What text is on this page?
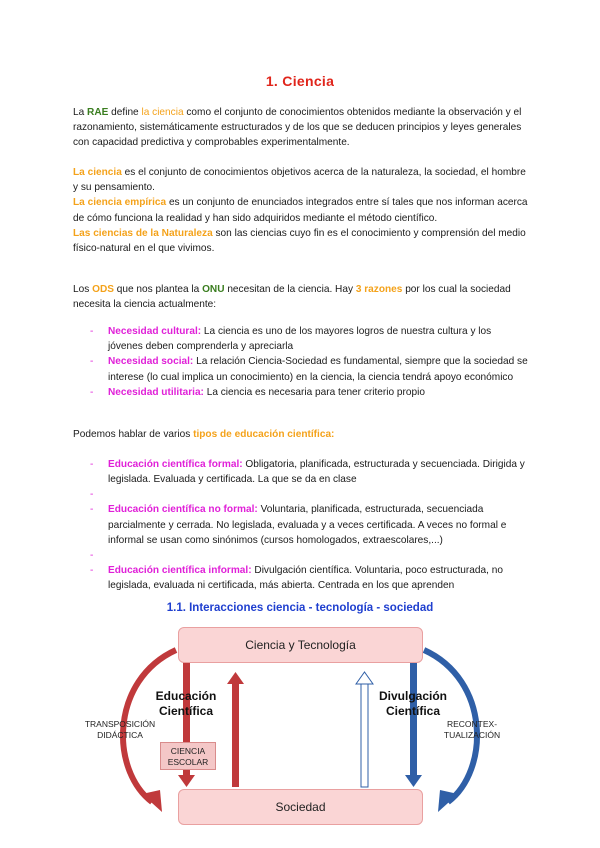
1. Ciencia

La RAE define la ciencia como el conjunto de conocimientos obtenidos mediante la observación y el razonamiento, sistemáticamente estructurados y de los que se deducen principios y leyes generales con capacidad predictiva y comprobables experimentalmente.

La ciencia es el conjunto de conocimientos objetivos acerca de la naturaleza, la sociedad, el hombre y su pensamiento.

La ciencia empírica es un conjunto de enunciados integrados entre sí tales que nos informan acerca de cómo funciona la realidad y han sido adquiridos mediante el método científico.

Las ciencias de la Naturaleza son las ciencias cuyo fin es el conocimiento y comprensión del medio físico-natural en el que vivimos.

Los ODS que nos plantea la ONU necesitan de la ciencia. Hay 3 razones por los cual la sociedad necesita la ciencia actualmente:

- Necesidad cultural: La ciencia es uno de los mayores logros de nuestra cultura y los jóvenes deben comprenderla y apreciarla
- Necesidad social: La relación Ciencia-Sociedad es fundamental, siempre que la sociedad se interese (lo cual implica un conocimiento) en la ciencia, la ciencia tendrá apoyo económico
- Necesidad utilitaria: La ciencia es necesaria para tener criterio propio

Podemos hablar de varios tipos de educación científica:

- Educación científica formal: Obligatoria, planificada, estructurada y secuenciada. Dirigida y legislada. Evaluada y certificada. La que se da en clase
-
- Educación científica no formal: Voluntaria, planificada, estructurada, secuenciada parcialmente y cerrada. No legislada, evaluada y a veces certificada. A veces no formal e informal se usan como sinónimos (cursos homologados, extraescolares,...)
-
- Educación científica informal: Divulgación científica. Voluntaria, poco estructurada, no legislada, evaluada ni certificada, más abierta. Centrada en los que aprenden
1.1. Interacciones ciencia - tecnología - sociedad
Ciencia y Tecnología
Sociedad
Educación
Científica
Divulgación
Científica
TRANSPOSICIÓN
DIDÁCTICA
RECONTEX-
TUALIZACIÓN
CIENCIA
ESCOLAR
